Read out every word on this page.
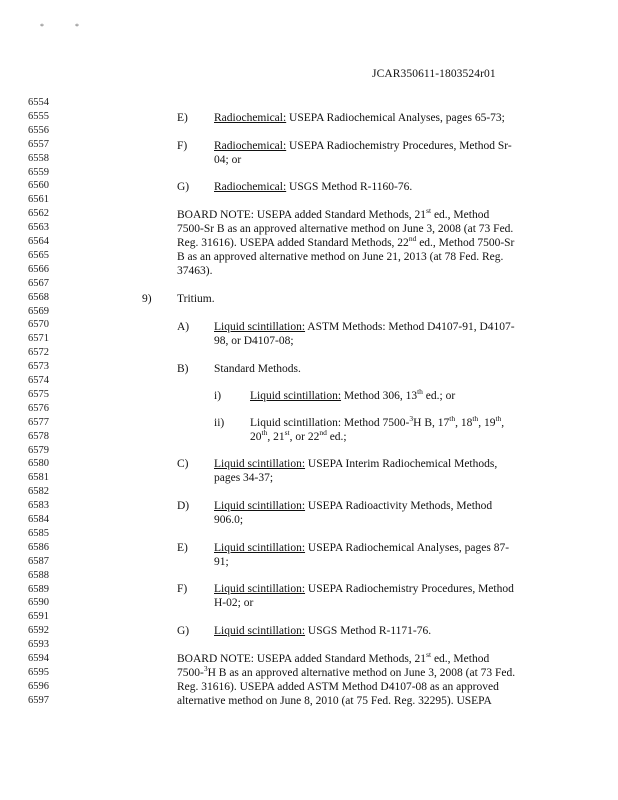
*	*
JCAR350611-1803524r01
6554
6555
6556
6557
6558
6559
6560
6561
6562
6563
6564
6565
6566
6567
6568
6569
6570
6571
6572
6573
6574
6575
6576
6577
6578
6579
6580
6581
6582
6583
6584
6585
6586
6587
6588
6589
6590
6591
6592
6593
6594
6595
6596
6597
E) Radiochemical: USEPA Radiochemical Analyses, pages 65-73;
F) Radiochemical: USEPA Radiochemistry Procedures, Method Sr-
04; or
G) Radiochemical: USGS Method R-1160-76.
BOARD NOTE: USEPA added Standard Methods, 21st ed., Method
7500-Sr B as an approved alternative method on June 3, 2008 (at 73 Fed.
Reg. 31616). USEPA added Standard Methods, 22nd ed., Method 7500-Sr
B as an approved alternative method on June 21, 2013 (at 78 Fed. Reg.
37463).
9) Tritium.
A) Liquid scintillation: ASTM Methods: Method D4107-91, D4107-
98, or D4107-08;
B) Standard Methods.
i)	Liquid scintillation: Method 306, 13th ed.; or
ii) Liquid scintillation: Method 7500-$^3$H B, 17th, 18th, 19th,
20th, 21st, or 22nd ed.;
C) Liquid scintillation: USEPA Interim Radiochemical Methods,
pages 34-37;
D) Liquid scintillation: USEPA Radioactivity Methods, Method
906.0;
E) Liquid scintillation: USEPA Radiochemical Analyses, pages 87-
91;
F) Liquid scintillation: USEPA Radiochemistry Procedures, Method
H-02; or
G) Liquid scintillation: USGS Method R-1171-76.
BOARD NOTE: USEPA added Standard Methods, 21st ed., Method
7500-$^3$H B as an approved alternative method on June 3, 2008 (at 73 Fed.
Reg. 31616). USEPA added ASTM Method D4107-08 as an approved
alternative method on June 8, 2010 (at 75 Fed. Reg. 32295). USEPA
